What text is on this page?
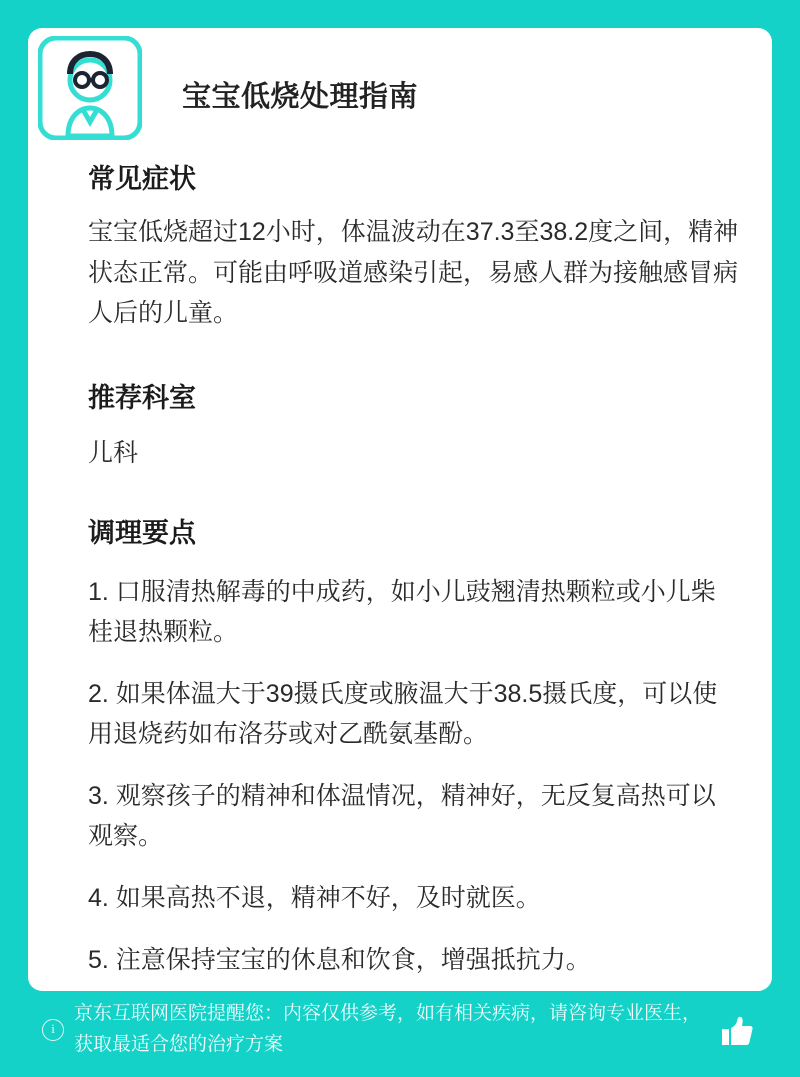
宝宝低烧处理指南
常见症状
宝宝低烧超过12小时，体温波动在37.3至38.2度之间，精神状态正常。可能由呼吸道感染引起，易感人群为接触感冒病人后的儿童。
推荐科室
儿科
调理要点
1. 口服清热解毒的中成药，如小儿豉翘清热颗粒或小儿柴桂退热颗粒。
2. 如果体温大于39摄氏度或腋温大于38.5摄氏度，可以使用退烧药如布洛芬或对乙酰氨基酚。
3. 观察孩子的精神和体温情况，精神好，无反复高热可以观察。
4. 如果高热不退，精神不好，及时就医。
5. 注意保持宝宝的休息和饮食，增强抵抗力。
i
京东互联网医院提醒您：内容仅供参考，如有相关疾病，请咨询专业医生，获取最适合您的治疗方案
